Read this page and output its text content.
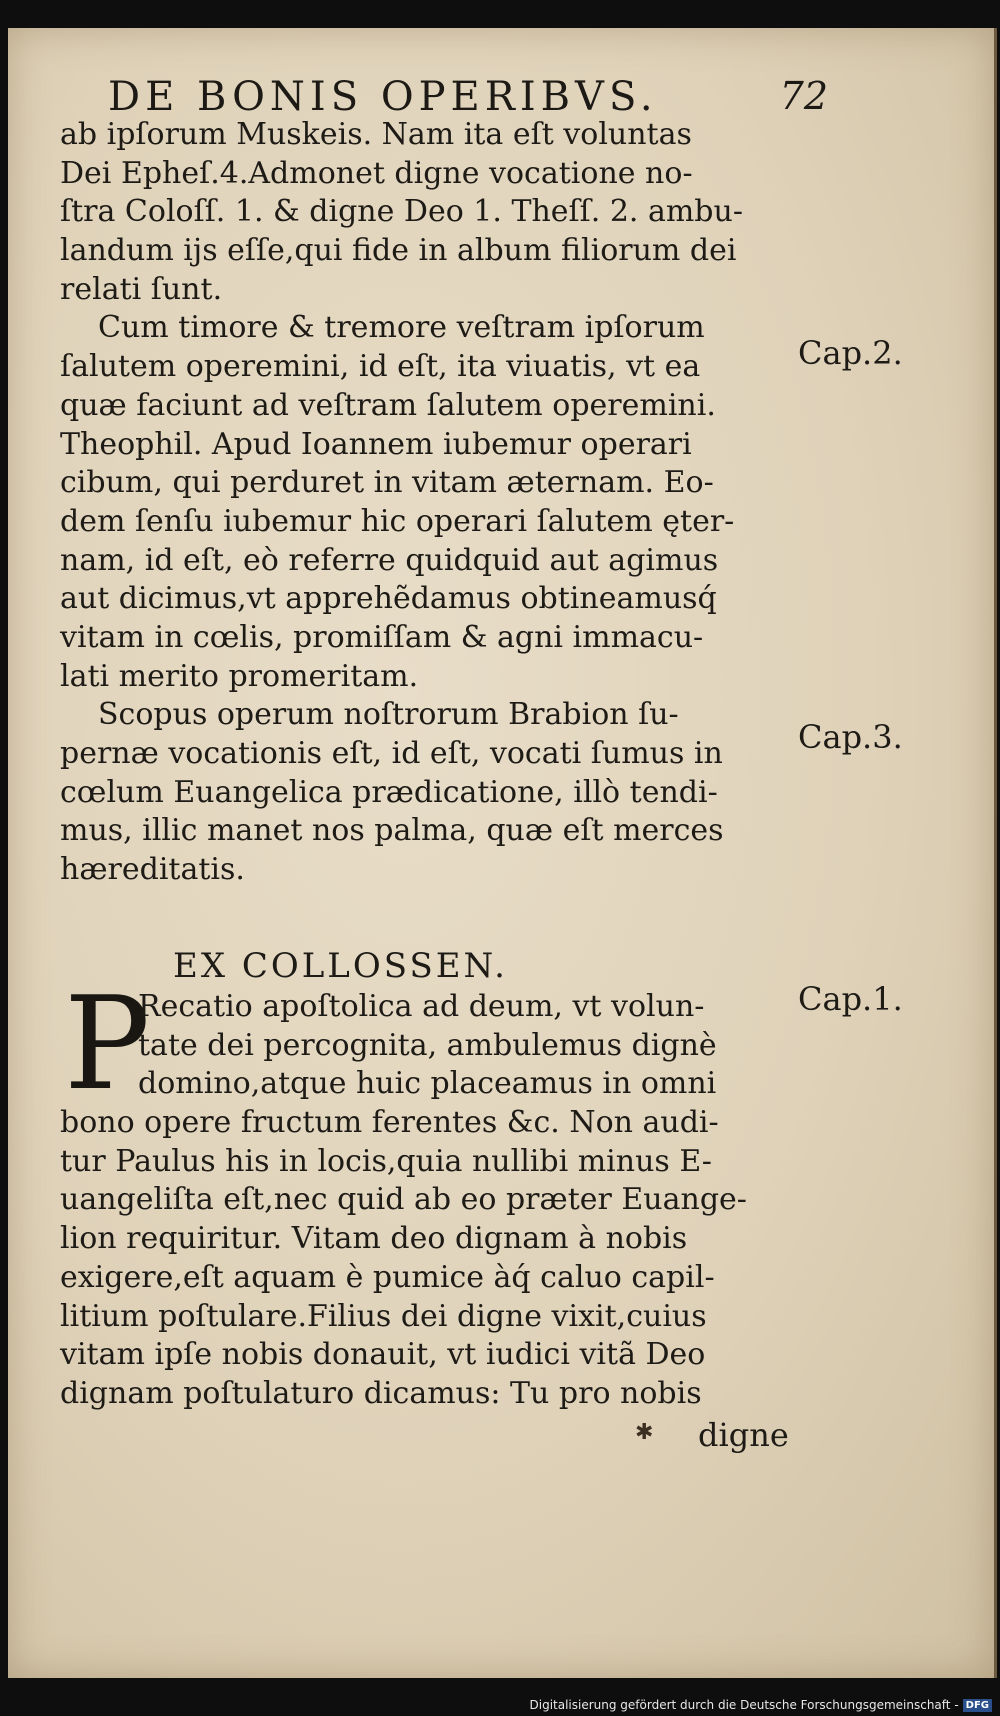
DE BONIS OPERIBVS.	72
ab ipſorum Muskeis. Nam ita eſt voluntas
Dei Epheſ.4.Admonet digne vocatione no-
ſtra Coloſſ. 1. & digne Deo 1. Theſſ. 2. ambu-
landum ijs eſſe,qui fide in album filiorum dei
relati ſunt.
Cum timore & tremore veſtram ipſorum
ſalutem operemini, id eſt, ita viuatis, vt ea
quæ faciunt ad veſtram ſalutem operemini.
Theophil. Apud Ioannem iubemur operari
cibum, qui perduret in vitam æternam. Eo-
dem ſenſu iubemur hic operari ſalutem ęter-
nam, id eſt, eò referre quidquid aut agimus
aut dicimus,vt apprehẽdamus obtineamusq́
vitam in cœlis, promiſſam & agni immacu-
lati merito promeritam.
Scopus operum noſtrorum Brabion ſu-
pernæ vocationis eſt, id eſt, vocati ſumus in
cœlum Euangelica prædicatione, illò tendi-
mus, illic manet nos palma, quæ eſt merces
hæreditatis.
EX COLLOSSEN.
P
Recatio apoſtolica ad deum, vt volun-
tate dei percognita, ambulemus dignè
domino,atque huic placeamus in omni
bono opere fructum ferentes &c. Non audi-
tur Paulus his in locis,quia nullibi minus E-
uangeliſta eſt,nec quid ab eo præter Euange-
lion requiritur. Vitam deo dignam à nobis
exigere,eſt aquam è pumice àq́ caluo capil-
litium poſtulare.Filius dei digne vixit,cuius
vitam ipſe nobis donauit, vt iudici vitã Deo
dignam poſtulaturo dicamus: Tu pro nobis
✱ digne
Cap.2.
Cap.3.
Cap.1.
Digitalisierung gefördert durch die Deutsche Forschungsgemeinschaft - DFG
